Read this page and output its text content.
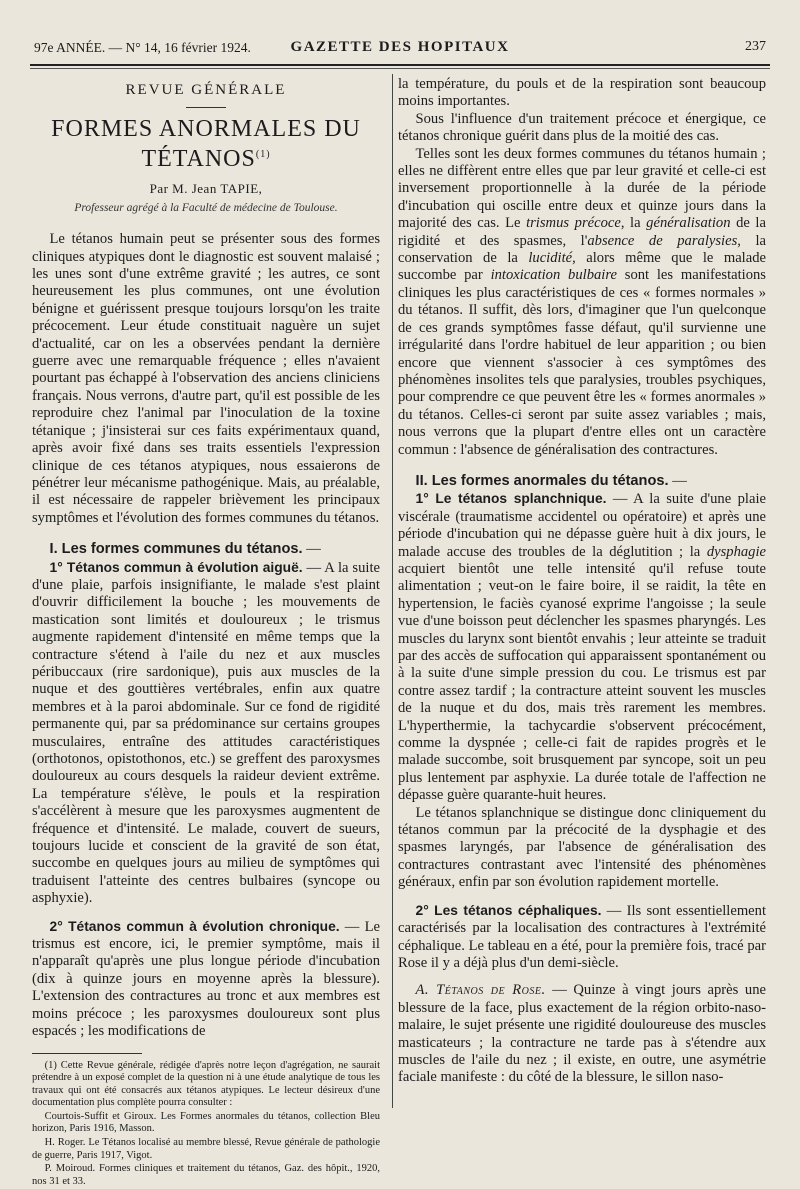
97e ANNÉE. — N° 14, 16 février 1924.	GAZETTE DES HOPITAUX	237
REVUE GÉNÉRALE
FORMES ANORMALES DU TÉTANOS$^{(1)}$
Par M. Jean TAPIE,
Professeur agrégé à la Faculté de médecine de Toulouse.

Le tétanos humain peut se présenter sous des formes cliniques atypiques dont le diagnostic est souvent malaisé ; les unes sont d'une extrême gravité ; les autres, ce sont heureusement les plus communes, ont une évolution bénigne et guérissent presque toujours lorsqu'on les traite précocement. Leur étude constituait naguère un sujet d'actualité, car on les a observées pendant la dernière guerre avec une remarquable fréquence ; elles n'avaient pourtant pas échappé à l'observation des anciens cliniciens français. Nous verrons, d'autre part, qu'il est possible de les reproduire chez l'animal par l'inoculation de la toxine tétanique ; j'insisterai sur ces faits expérimentaux quand, après avoir fixé dans ses traits essentiels l'expression clinique de ces tétanos atypiques, nous essaierons de pénétrer leur mécanisme pathogénique. Mais, au préalable, il est nécessaire de rappeler brièvement les principaux symptômes et l'évolution des formes communes du tétanos.

I. Les formes communes du tétanos. —

1° Tétanos commun à évolution aiguë. — A la suite d'une plaie, parfois insignifiante, le malade s'est plaint d'ouvrir difficilement la bouche ; les mouvements de mastication sont limités et douloureux ; le trismus augmente rapidement d'intensité en même temps que la contracture s'étend à l'aile du nez et aux muscles péribuccaux (rire sardonique), puis aux muscles de la nuque et des gouttières vertébrales, enfin aux quatre membres et à la paroi abdominale. Sur ce fond de rigidité permanente qui, par sa prédominance sur certains groupes musculaires, entraîne des attitudes caractéristiques (orthotonos, opistothonos, etc.) se greffent des paroxysmes douloureux au cours desquels la raideur devient extrême. La température s'élève, le pouls et la respiration s'accélèrent à mesure que les paroxysmes augmentent de fréquence et d'intensité. Le malade, couvert de sueurs, toujours lucide et conscient de la gravité de son état, succombe en quelques jours au milieu de symptômes qui traduisent l'atteinte des centres bulbaires (syncope ou asphyxie).

2° Tétanos commun à évolution chronique. — Le trismus est encore, ici, le premier symptôme, mais il n'apparaît qu'après une plus longue période d'incubation (dix à quinze jours en moyenne après la blessure). L'extension des contractures au tronc et aux membres est moins précoce ; les paroxysmes douloureux sont plus espacés ; les modifications de

(1) Cette Revue générale, rédigée d'après notre leçon d'agrégation, ne saurait prétendre à un exposé complet de la question ni à une étude analytique de tous les travaux qui ont été consacrés aux tétanos atypiques. Le lecteur désireux d'une documentation plus complète pourra consulter :

Courtois-Suffit et Giroux. Les Formes anormales du tétanos, collection Bleu horizon, Paris 1916, Masson.

H. Roger. Le Tétanos localisé au membre blessé, Revue générale de pathologie de guerre, Paris 1917, Vigot.

P. Moiroud. Formes cliniques et traitement du tétanos, Gaz. des hôpit., 1920, nos 31 et 33.

la température, du pouls et de la respiration sont beaucoup moins importantes.

Sous l'influence d'un traitement précoce et énergique, ce tétanos chronique guérit dans plus de la moitié des cas.

Telles sont les deux formes communes du tétanos humain ; elles ne diffèrent entre elles que par leur gravité et celle-ci est inversement proportionnelle à la durée de la période d'incubation qui oscille entre deux et quinze jours dans la majorité des cas. Le trismus précoce, la généralisation de la rigidité et des spasmes, l'absence de paralysies, la conservation de la lucidité, alors même que le malade succombe par intoxication bulbaire sont les manifestations cliniques les plus caractéristiques de ces « formes normales » du tétanos. Il suffit, dès lors, d'imaginer que l'un quelconque de ces grands symptômes fasse défaut, qu'il survienne une irrégularité dans l'ordre habituel de leur apparition ; ou bien encore que viennent s'associer à ces symptômes des phénomènes insolites tels que paralysies, troubles psychiques, pour comprendre ce que peuvent être les « formes anormales » du tétanos. Celles-ci seront par suite assez variables ; mais, nous verrons que la plupart d'entre elles ont un caractère commun : l'absence de généralisation des contractures.

II. Les formes anormales du tétanos. —

1° Le tétanos splanchnique. — A la suite d'une plaie viscérale (traumatisme accidentel ou opératoire) et après une période d'incubation qui ne dépasse guère huit à dix jours, le malade accuse des troubles de la déglutition ; la dysphagie acquiert bientôt une telle intensité qu'il refuse toute alimentation ; veut-on le faire boire, il se raidit, la tête en hypertension, le faciès cyanosé exprime l'angoisse ; la seule vue d'une boisson peut déclencher les spasmes pharyngés. Les muscles du larynx sont bientôt envahis ; leur atteinte se traduit par des accès de suffocation qui apparaissent spontanément ou à la suite d'une simple pression du cou. Le trismus est par contre assez tardif ; la contracture atteint souvent les muscles de la nuque et du dos, mais très rarement les membres. L'hyperthermie, la tachycardie s'observent précocément, comme la dyspnée ; celle-ci fait de rapides progrès et le malade succombe, soit brusquement par syncope, soit un peu plus lentement par asphyxie. La durée totale de l'affection ne dépasse guère quarante-huit heures.

Le tétanos splanchnique se distingue donc cliniquement du tétanos commun par la précocité de la dysphagie et des spasmes laryngés, par l'absence de généralisation des contractures contrastant avec l'intensité des phénomènes généraux, enfin par son évolution rapidement mortelle.

2° Les tétanos céphaliques. — Ils sont essentiellement caractérisés par la localisation des contractures à l'extrémité céphalique. Le tableau en a été, pour la première fois, tracé par Rose il y a déjà plus d'un demi-siècle.

A. Tétanos de Rose. — Quinze à vingt jours après une blessure de la face, plus exactement de la région orbito-naso-malaire, le sujet présente une rigidité douloureuse des muscles masticateurs ; la contracture ne tarde pas à s'étendre aux muscles de l'aile du nez ; il existe, en outre, une asymétrie faciale manifeste : du côté de la blessure, le sillon naso-
